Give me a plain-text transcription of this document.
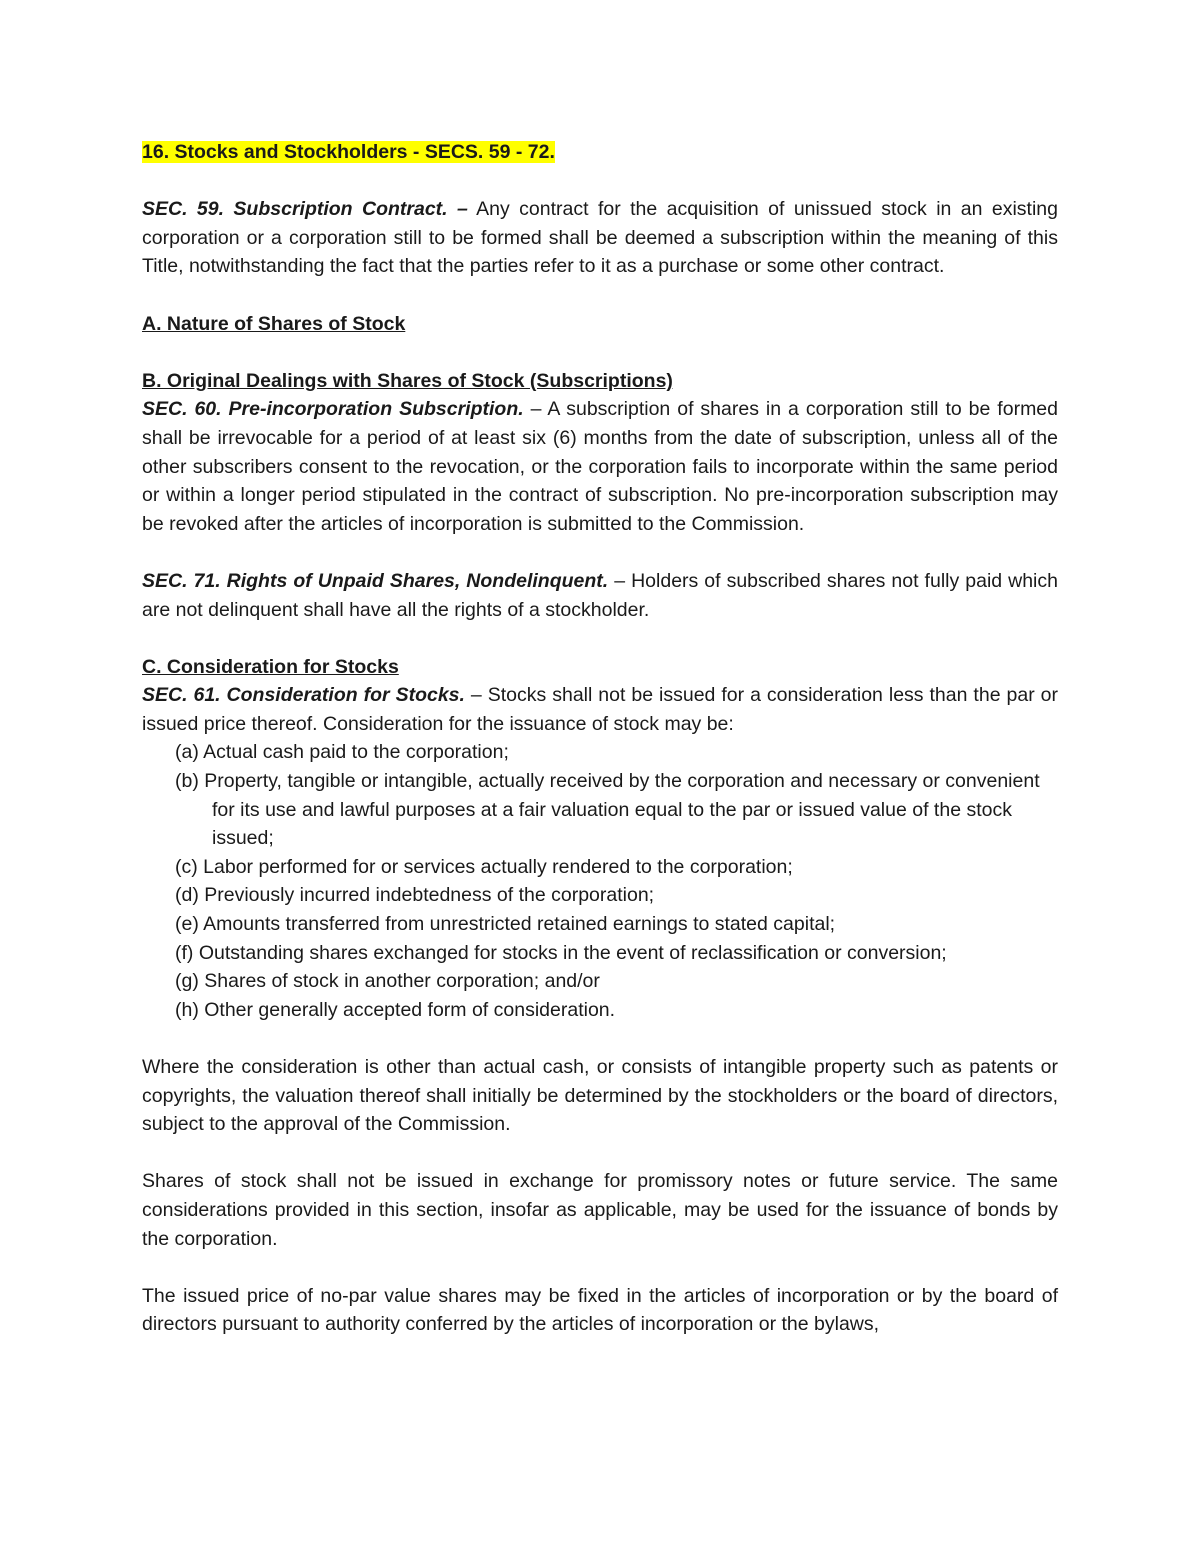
16. Stocks and Stockholders - SECS. 59 - 72.

SEC. 59. Subscription Contract. – Any contract for the acquisition of unissued stock in an existing corporation or a corporation still to be formed shall be deemed a subscription within the meaning of this Title, notwithstanding the fact that the parties refer to it as a purchase or some other contract.

A. Nature of Shares of Stock

B. Original Dealings with Shares of Stock (Subscriptions)

SEC. 60. Pre-incorporation Subscription. – A subscription of shares in a corporation still to be formed shall be irrevocable for a period of at least six (6) months from the date of subscription, unless all of the other subscribers consent to the revocation, or the corporation fails to incorporate within the same period or within a longer period stipulated in the contract of subscription. No pre-incorporation subscription may be revoked after the articles of incorporation is submitted to the Commission.

SEC. 71. Rights of Unpaid Shares, Nondelinquent. – Holders of subscribed shares not fully paid which are not delinquent shall have all the rights of a stockholder.

C. Consideration for Stocks

SEC. 61. Consideration for Stocks. – Stocks shall not be issued for a consideration less than the par or issued price thereof. Consideration for the issuance of stock may be:

(a) Actual cash paid to the corporation;
(b) Property, tangible or intangible, actually received by the corporation and necessary or convenient for its use and lawful purposes at a fair valuation equal to the par or issued value of the stock issued;
(c) Labor performed for or services actually rendered to the corporation;
(d) Previously incurred indebtedness of the corporation;
(e) Amounts transferred from unrestricted retained earnings to stated capital;
(f) Outstanding shares exchanged for stocks in the event of reclassification or conversion;
(g) Shares of stock in another corporation; and/or
(h) Other generally accepted form of consideration.

Where the consideration is other than actual cash, or consists of intangible property such as patents or copyrights, the valuation thereof shall initially be determined by the stockholders or the board of directors, subject to the approval of the Commission.

Shares of stock shall not be issued in exchange for promissory notes or future service. The same considerations provided in this section, insofar as applicable, may be used for the issuance of bonds by the corporation.

The issued price of no-par value shares may be fixed in the articles of incorporation or by the board of directors pursuant to authority conferred by the articles of incorporation or the bylaws,
